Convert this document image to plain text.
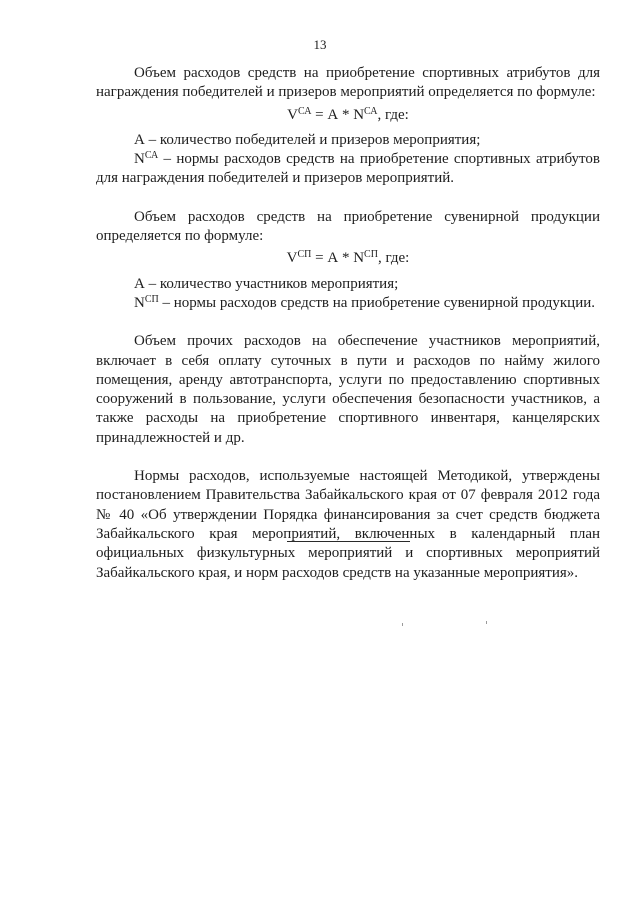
13

Объем расходов средств на приобретение спортивных атрибутов для награждения победителей и призеров мероприятий определяется по формуле:

$V^{СА} = А * N^{СА}$, где:

А – количество победителей и призеров мероприятия;

$N^{СА}$ – нормы расходов средств на приобретение спортивных атрибутов для награждения победителей и призеров мероприятий.

Объем расходов средств на приобретение сувенирной продукции определяется по формуле:

$V^{СП} = А * N^{СП}$, где:

А – количество участников мероприятия;

$N^{СП}$ – нормы расходов средств на приобретение сувенирной продукции.

Объем прочих расходов на обеспечение участников мероприятий, включает в себя оплату суточных в пути и расходов по найму жилого помещения, аренду автотранспорта, услуги по предоставлению спортивных сооружений в пользование, услуги обеспечения безопасности участников, а также расходы на приобретение спортивного инвентаря, канцелярских принадлежностей и др.

Нормы расходов, используемые настоящей Методикой, утверждены постановлением Правительства Забайкальского края от 07 февраля 2012 года № 40 «Об утверждении Порядка финансирования за счет средств бюджета Забайкальского края мероприятий, включенных в календарный план официальных физкультурных мероприятий и спортивных мероприятий Забайкальского края, и норм расходов средств на указанные мероприятия».
